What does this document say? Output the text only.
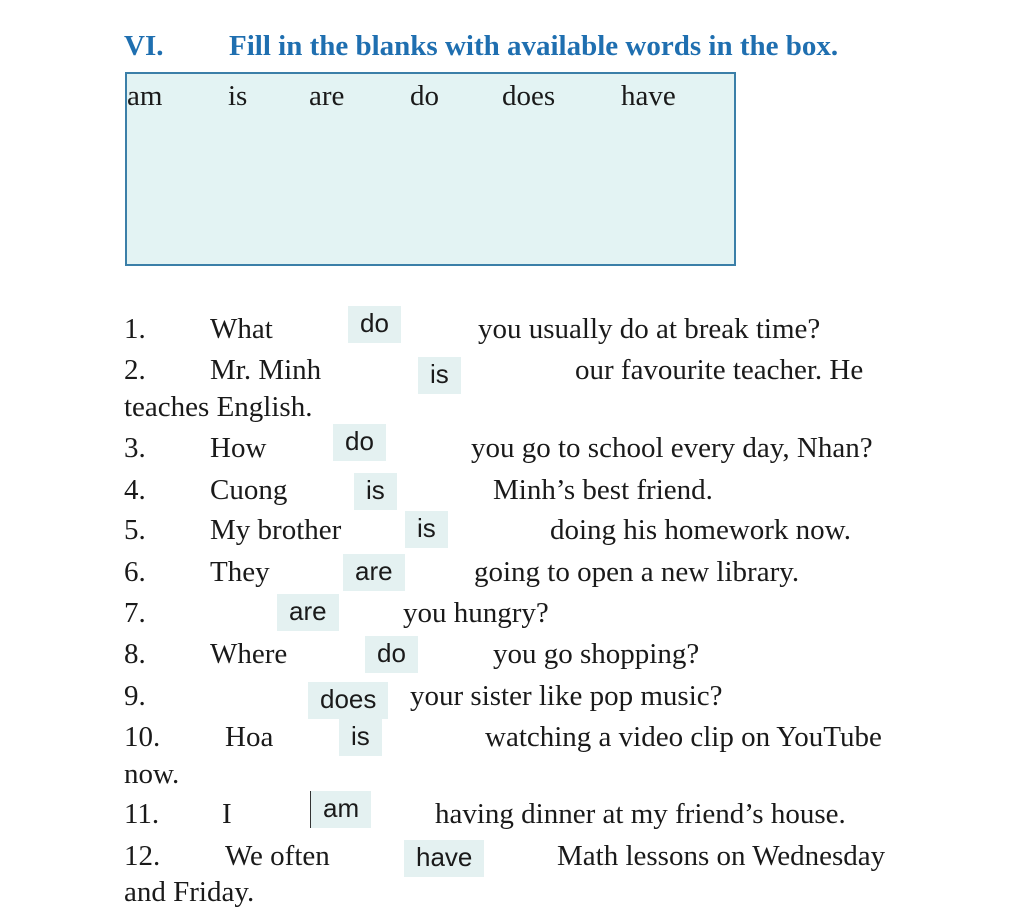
VI. Fill in the blanks with available words in the box.
am is are do does have
1. What	do	you usually do at break time?
2. Mr. Minh	is	our favourite teacher. He
teaches English.
3. How	do	you go to school every day, Nhan?
4. Cuong	is	Minh’s best friend.
5. My brother	is	doing his homework now.
6. They	are	going to open a new library.
7.	are	you hungry?
8. Where	do	you go shopping?
9.	does	your sister like pop music?
10. Hoa	is	watching a video clip on YouTube
now.
11. I	am	having dinner at my friend’s house.
12. We often	have	Math lessons on Wednesday
and Friday.
